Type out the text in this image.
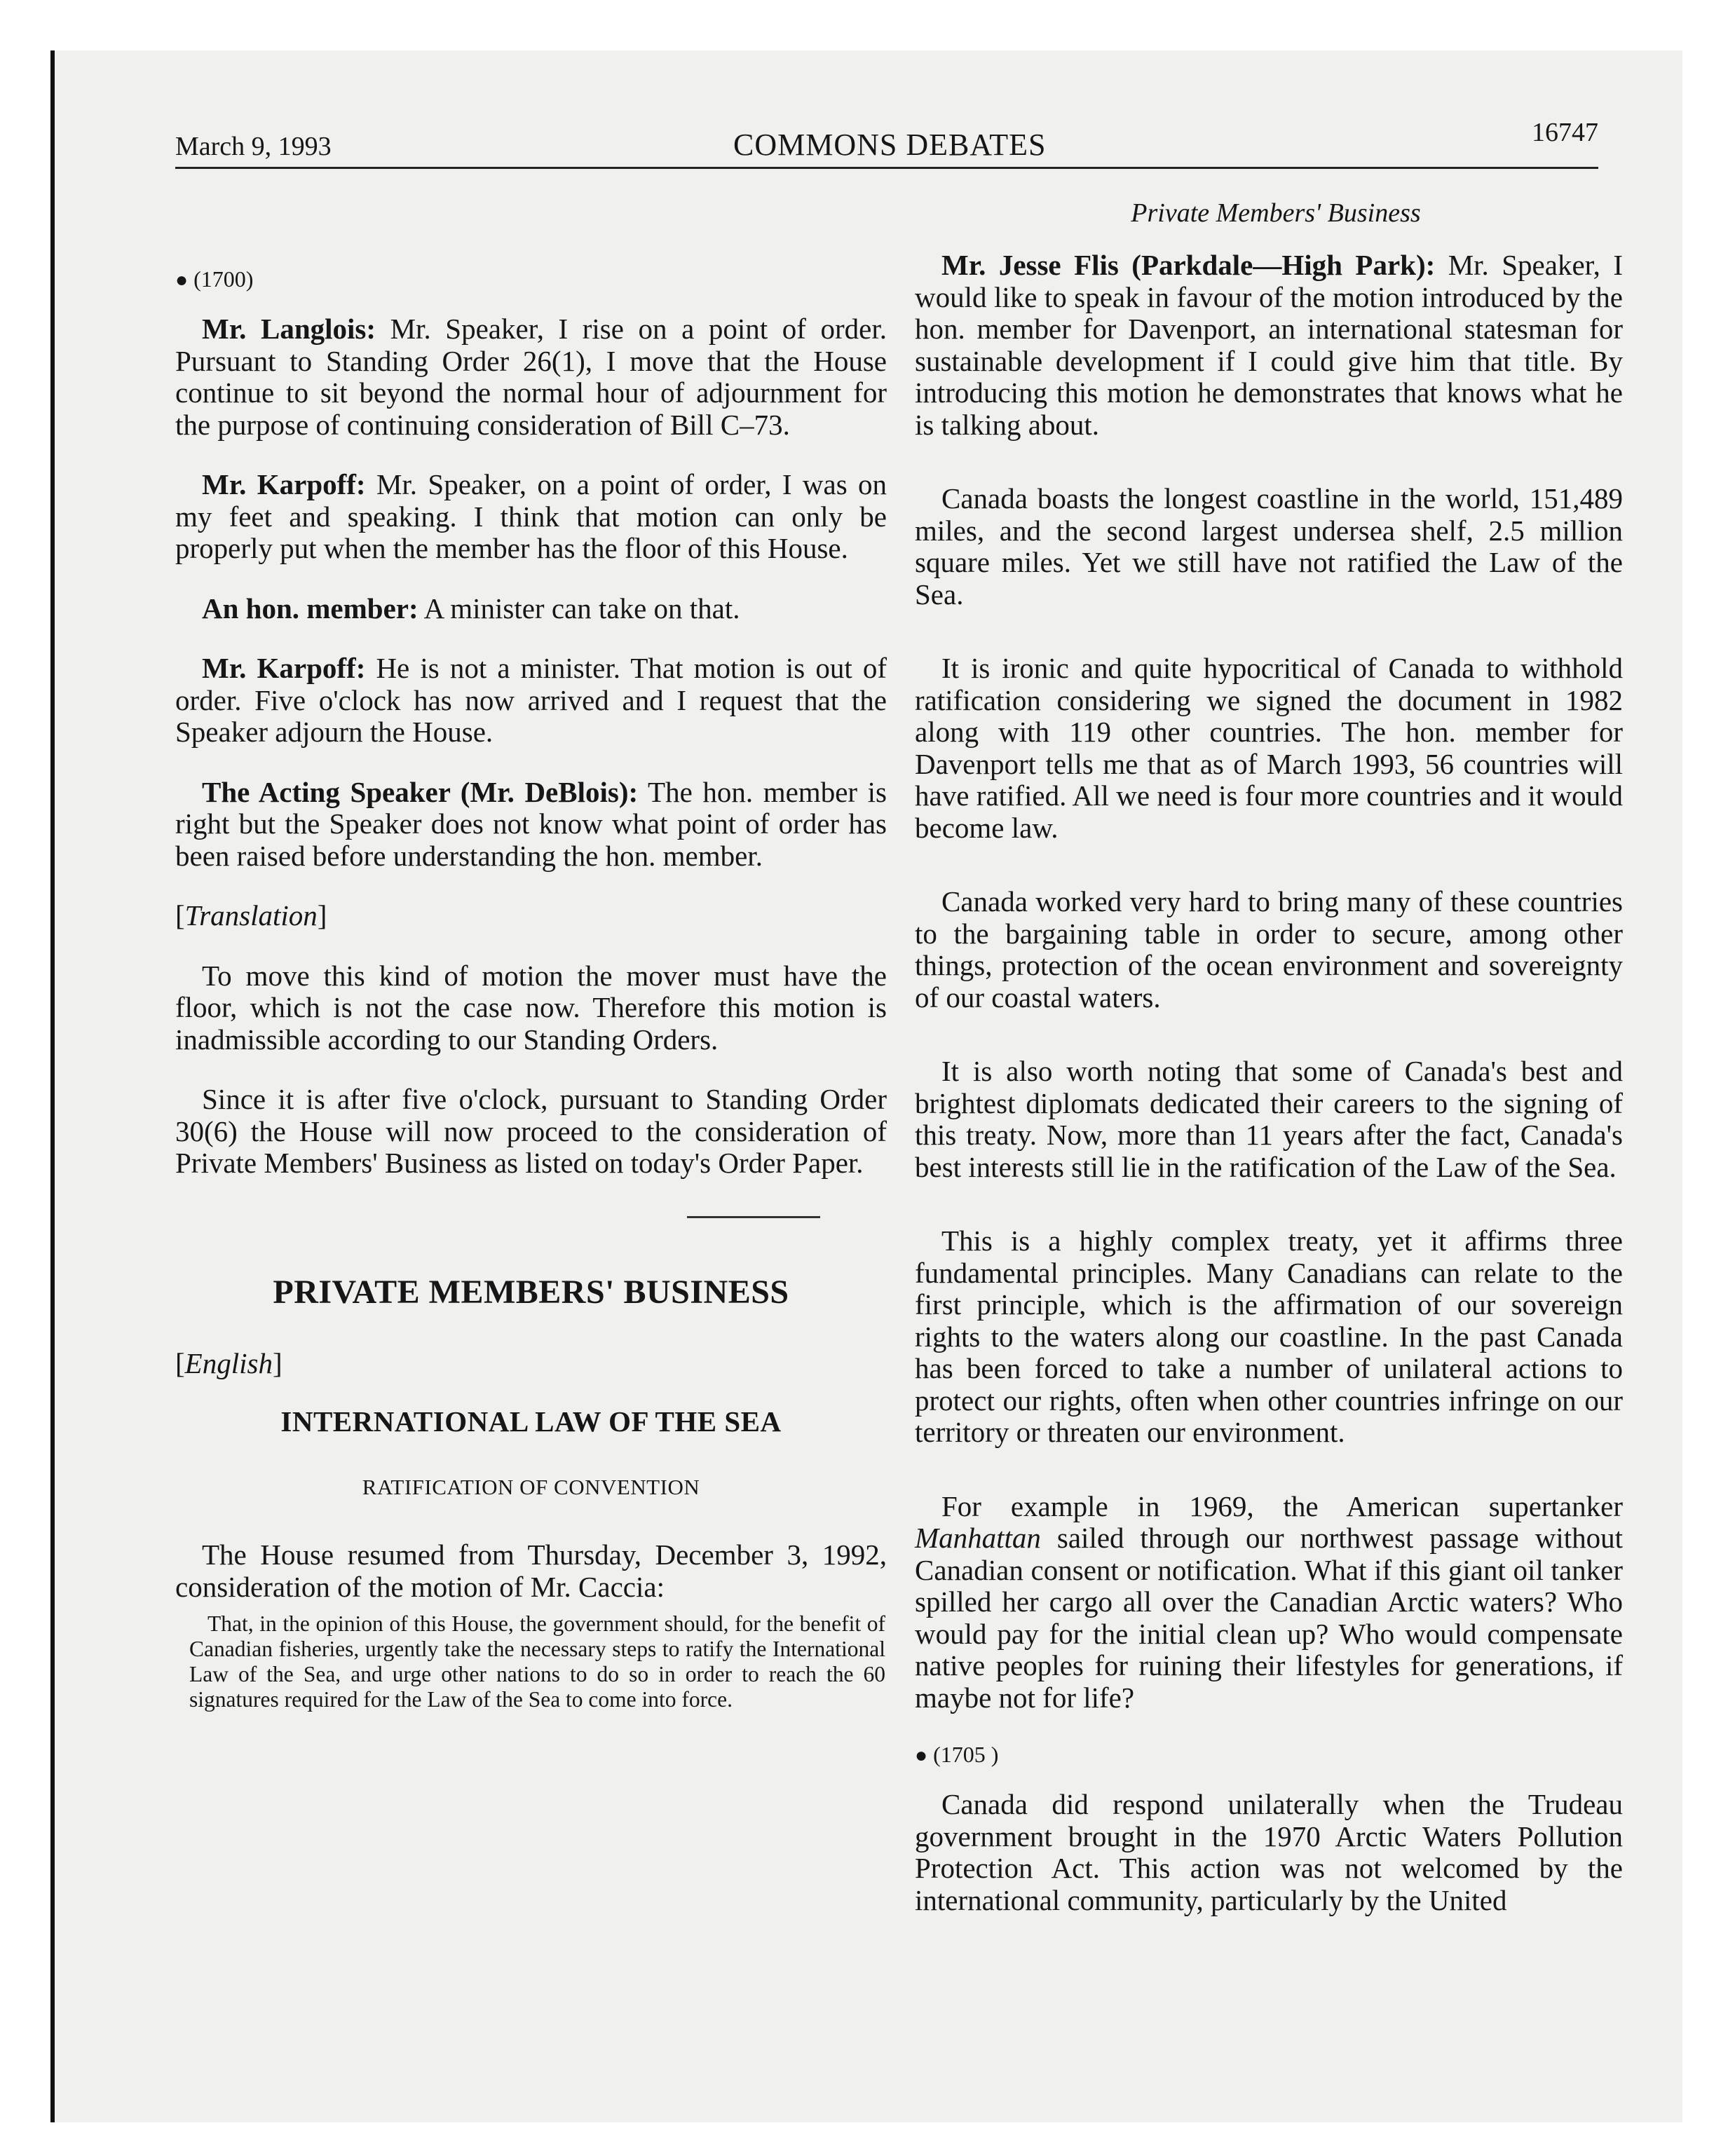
March 9, 1993	COMMONS DEBATES	16747
● (1700)

Mr. Langlois: Mr. Speaker, I rise on a point of order. Pursuant to Standing Order 26(1), I move that the House continue to sit beyond the normal hour of adjournment for the purpose of continuing consideration of Bill C–73.

Mr. Karpoff: Mr. Speaker, on a point of order, I was on my feet and speaking. I think that motion can only be properly put when the member has the floor of this House.

An hon. member: A minister can take on that.

Mr. Karpoff: He is not a minister. That motion is out of order. Five o'clock has now arrived and I request that the Speaker adjourn the House.

The Acting Speaker (Mr. DeBlois): The hon. member is right but the Speaker does not know what point of order has been raised before understanding the hon. member.

[Translation]

To move this kind of motion the mover must have the floor, which is not the case now. Therefore this motion is inadmissible according to our Standing Orders.

Since it is after five o'clock, pursuant to Standing Order 30(6) the House will now proceed to the consideration of Private Members' Business as listed on today's Order Paper.

PRIVATE MEMBERS' BUSINESS

[English]

INTERNATIONAL LAW OF THE SEA
RATIFICATION OF CONVENTION

The House resumed from Thursday, December 3, 1992, consideration of the motion of Mr. Caccia:

That, in the opinion of this House, the government should, for the benefit of Canadian fisheries, urgently take the necessary steps to ratify the International Law of the Sea, and urge other nations to do so in order to reach the 60 signatures required for the Law of the Sea to come into force.

Private Members' Business

Mr. Jesse Flis (Parkdale—High Park): Mr. Speaker, I would like to speak in favour of the motion introduced by the hon. member for Davenport, an international statesman for sustainable development if I could give him that title. By introducing this motion he demonstrates that knows what he is talking about.

Canada boasts the longest coastline in the world, 151,489 miles, and the second largest undersea shelf, 2.5 million square miles. Yet we still have not ratified the Law of the Sea.

It is ironic and quite hypocritical of Canada to withhold ratification considering we signed the document in 1982 along with 119 other countries. The hon. member for Davenport tells me that as of March 1993, 56 countries will have ratified. All we need is four more countries and it would become law.

Canada worked very hard to bring many of these countries to the bargaining table in order to secure, among other things, protection of the ocean environment and sovereignty of our coastal waters.

It is also worth noting that some of Canada's best and brightest diplomats dedicated their careers to the signing of this treaty. Now, more than 11 years after the fact, Canada's best interests still lie in the ratification of the Law of the Sea.

This is a highly complex treaty, yet it affirms three fundamental principles. Many Canadians can relate to the first principle, which is the affirmation of our sovereign rights to the waters along our coastline. In the past Canada has been forced to take a number of unilateral actions to protect our rights, often when other countries infringe on our territory or threaten our environment.

For example in 1969, the American supertanker Manhattan sailed through our northwest passage without Canadian consent or notification. What if this giant oil tanker spilled her cargo all over the Canadian Arctic waters? Who would pay for the initial clean up? Who would compensate native peoples for ruining their lifestyles for generations, if maybe not for life?

● (1705 )

Canada did respond unilaterally when the Trudeau government brought in the 1970 Arctic Waters Pollution Protection Act. This action was not welcomed by the international community, particularly by the United
